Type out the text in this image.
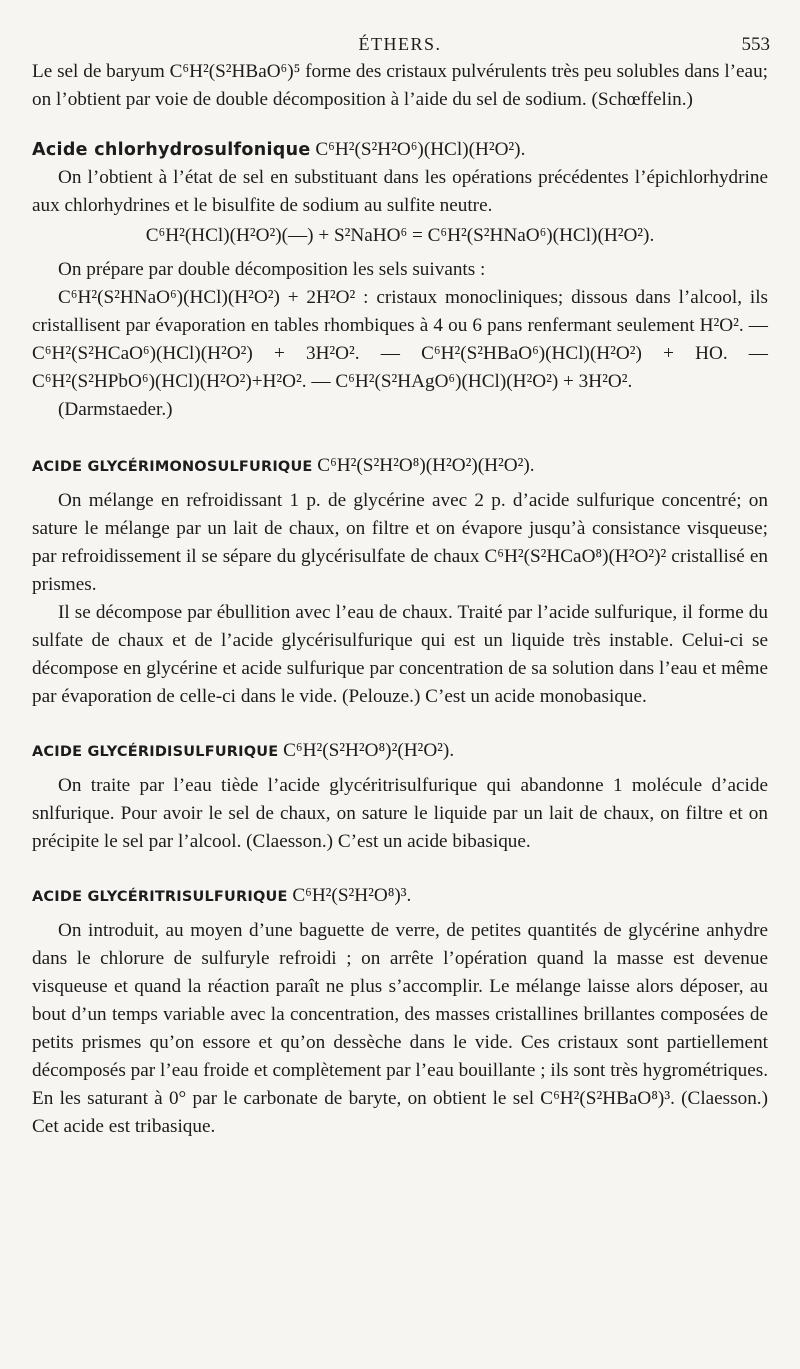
ÉTHERS.	553

Le sel de baryum C⁶H²(S²HBaO⁶)⁵ forme des cristaux pulvérulents très peu solubles dans l’eau; on l’obtient par voie de double décomposition à l’aide du sel de sodium. (Schœffelin.)

Acide chlorhydrosulfonique C⁶H²(S²H²O⁶)(HCl)(H²O²).

On l’obtient à l’état de sel en substituant dans les opérations précédentes l’épichlorhydrine aux chlorhydrines et le bisulfite de sodium au sulfite neutre.

C⁶H²(HCl)(H²O²)(—) + S²NaHO⁶ = C⁶H²(S²HNaO⁶)(HCl)(H²O²).

On prépare par double décomposition les sels suivants :

C⁶H²(S²HNaO⁶)(HCl)(H²O²) + 2H²O² : cristaux monocliniques; dissous dans l’alcool, ils cristallisent par évaporation en tables rhombiques à 4 ou 6 pans renfermant seulement H²O². — C⁶H²(S²HCaO⁶)(HCl)(H²O²) + 3H²O². — C⁶H²(S²HBaO⁶)(HCl)(H²O²) + HO. — C⁶H²(S²HPbO⁶)(HCl)(H²O²)+H²O². — C⁶H²(S²HAgO⁶)(HCl)(H²O²) + 3H²O².

(Darmstaeder.)

ACIDE GLYCÉRIMONOSULFURIQUE C⁶H²(S²H²O⁸)(H²O²)(H²O²).

On mélange en refroidissant 1 p. de glycérine avec 2 p. d’acide sulfurique concentré; on sature le mélange par un lait de chaux, on filtre et on évapore jusqu’à consistance visqueuse; par refroidissement il se sépare du glycérisulfate de chaux C⁶H²(S²HCaO⁸)(H²O²)² cristallisé en prismes.

Il se décompose par ébullition avec l’eau de chaux. Traité par l’acide sulfurique, il forme du sulfate de chaux et de l’acide glycérisulfurique qui est un liquide très instable. Celui-ci se décompose en glycérine et acide sulfurique par concentration de sa solution dans l’eau et même par évaporation de celle-ci dans le vide. (Pelouze.) C’est un acide monobasique.

ACIDE GLYCÉRIDISULFURIQUE C⁶H²(S²H²O⁸)²(H²O²).

On traite par l’eau tiède l’acide glycéritrisulfurique qui abandonne 1 molécule d’acide snlfurique. Pour avoir le sel de chaux, on sature le liquide par un lait de chaux, on filtre et on précipite le sel par l’alcool. (Claesson.) C’est un acide bibasique.

ACIDE GLYCÉRITRISULFURIQUE C⁶H²(S²H²O⁸)³.

On introduit, au moyen d’une baguette de verre, de petites quantités de glycérine anhydre dans le chlorure de sulfuryle refroidi ; on arrête l’opération quand la masse est devenue visqueuse et quand la réaction paraît ne plus s’accomplir. Le mélange laisse alors déposer, au bout d’un temps variable avec la concentration, des masses cristallines brillantes composées de petits prismes qu’on essore et qu’on dessèche dans le vide. Ces cristaux sont partiellement décomposés par l’eau froide et complètement par l’eau bouillante ; ils sont très hygrométriques. En les saturant à 0° par le carbonate de baryte, on obtient le sel C⁶H²(S²HBaO⁸)³. (Claesson.) Cet acide est tribasique.
